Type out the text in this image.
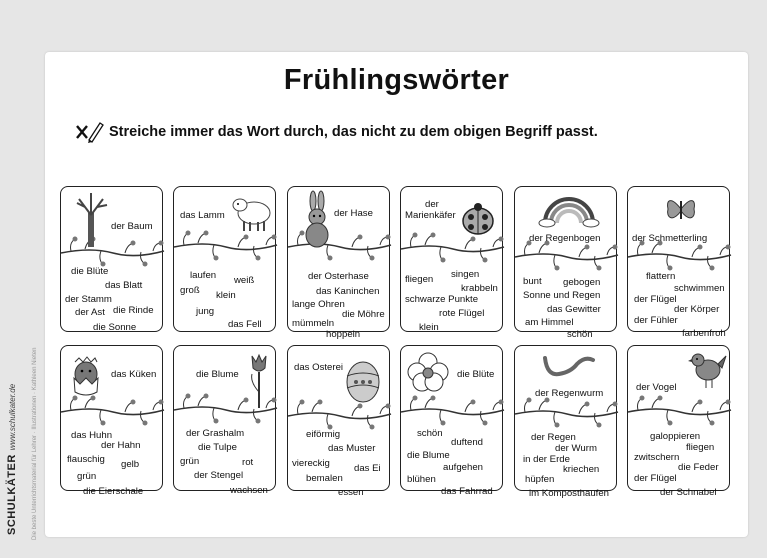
Frühlingswörter
Streiche immer das Wort durch, das nicht zu dem obigen Begriff passt.
SCHULKÄTER
www.schulkater.de	Die beste Unterrichtsmaterial für Lehrer · Illustrationen · Kathleen Nieten
der Baum
die Blüte
das Blatt
der Stamm
der Ast die Rinde
die Sonne
das Lamm
laufen weiß
groß klein
jung
das Fell
der Hase
der Osterhase
das Kaninchen
lange Ohren
die Möhre
mümmeln
hoppeln
der
Marienkäfer
fliegen singen
krabbeln
schwarze Punkte
rote Flügel
klein
der Regenbogen
bunt gebogen
Sonne und Regen
das Gewitter
am Himmel
schön
der Schmetterling
flattern
schwimmen
der Flügel
der Körper
der Fühler
farbenfroh
das Küken
das Huhn
der Hahn
flauschig gelb
grün
die Eierschale
die Blume
der Grashalm
die Tulpe
grün	rot
der Stengel
wachsen
das Osterei
eiförmig
das Muster
viereckig	das Ei
bemalen
essen
die Blüte
schön
duftend
die Blume
aufgehen
blühen
das Fahrrad
der Regenwurm
der Regen
der Wurm
in der Erde
kriechen
hüpfen
im Komposthaufen
der Vogel
galoppieren
fliegen
zwitschern
die Feder
der Flügel
der Schnabel
